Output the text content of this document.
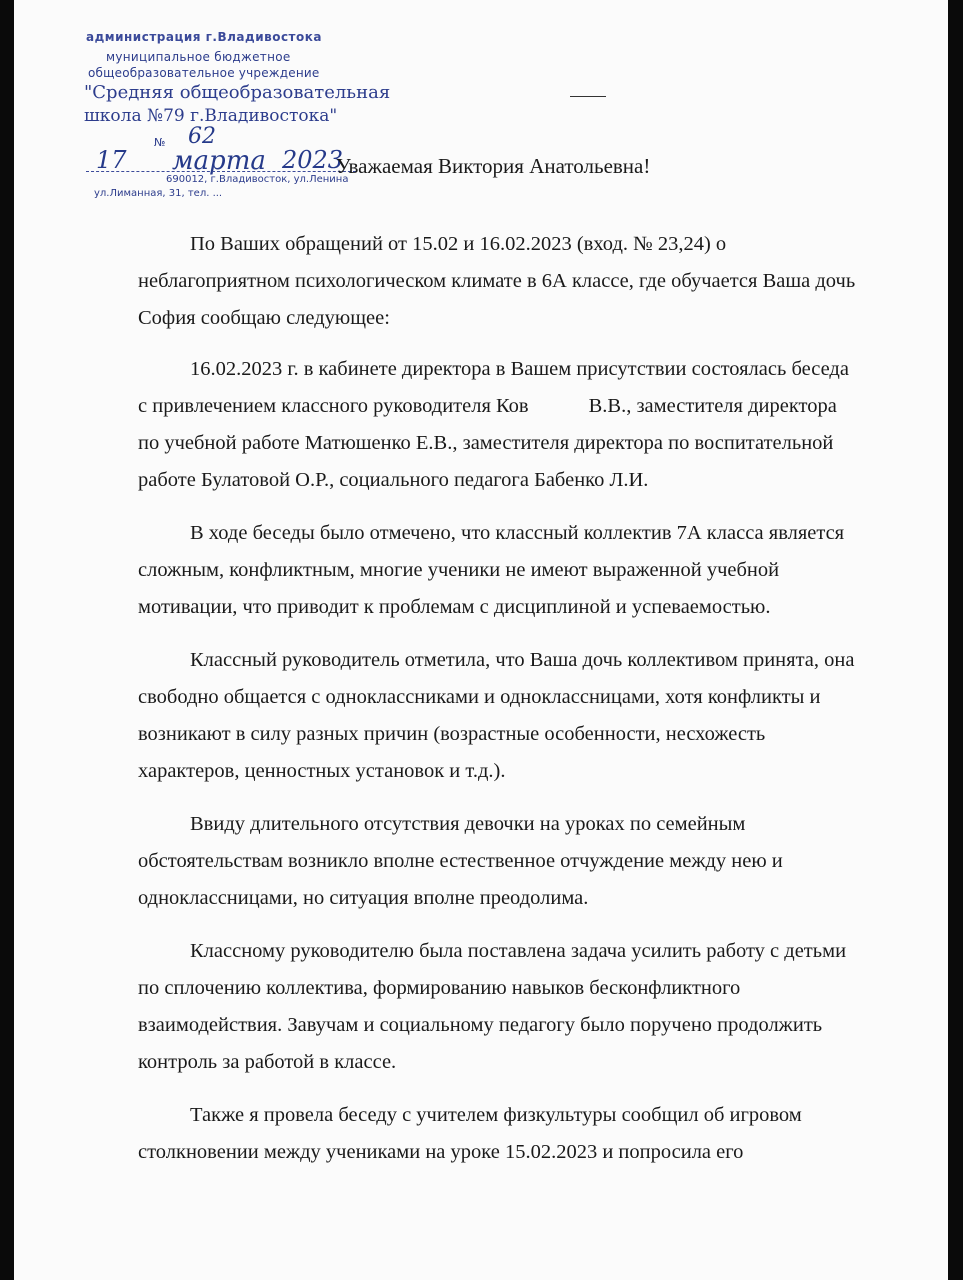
администрация г.Владивостока
муниципальное бюджетное
общеобразовательное учреждение
"Средняя общеобразовательная
школа №79 г.Владивостока"
№ 62
17 марта 2023
690012, г.Владивосток, ул.Ленина
ул.Лиманная, 31, тел. ...
Уважаемая Виктория Анатольевна!

По Ваших обращений от 15.02 и 16.02.2023 (вход. № 23,24) о неблагоприятном психологическом климате в 6А классе, где обучается Ваша дочь София сообщаю следующее:

16.02.2023 г. в кабинете директора в Вашем присутствии состоялась беседа с привлечением классного руководителя Ков	В.В., заместителя директора по учебной работе Матюшенко Е.В., заместителя директора по воспитательной работе Булатовой О.Р., социального педагога Бабенко Л.И.

В ходе беседы было отмечено, что классный коллектив 7А класса является сложным, конфликтным, многие ученики не имеют выраженной учебной мотивации, что приводит к проблемам с дисциплиной и успеваемостью.

Классный руководитель отметила, что Ваша дочь коллективом принята, она свободно общается с одноклассниками и одноклассницами, хотя конфликты и возникают в силу разных причин (возрастные особенности, несхожесть характеров, ценностных установок и т.д.).

Ввиду длительного отсутствия девочки на уроках по семейным обстоятельствам возникло вполне естественное отчуждение между нею и одноклассницами, но ситуация вполне преодолима.

Классному руководителю была поставлена задача усилить работу с детьми по сплочению коллектива, формированию навыков бесконфликтного взаимодействия. Завучам и социальному педагогу было поручено продолжить контроль за работой в классе.

Также я провела беседу с учителем физкультуры сообщил об игровом столкновении между учениками на уроке 15.02.2023 и попросила его
